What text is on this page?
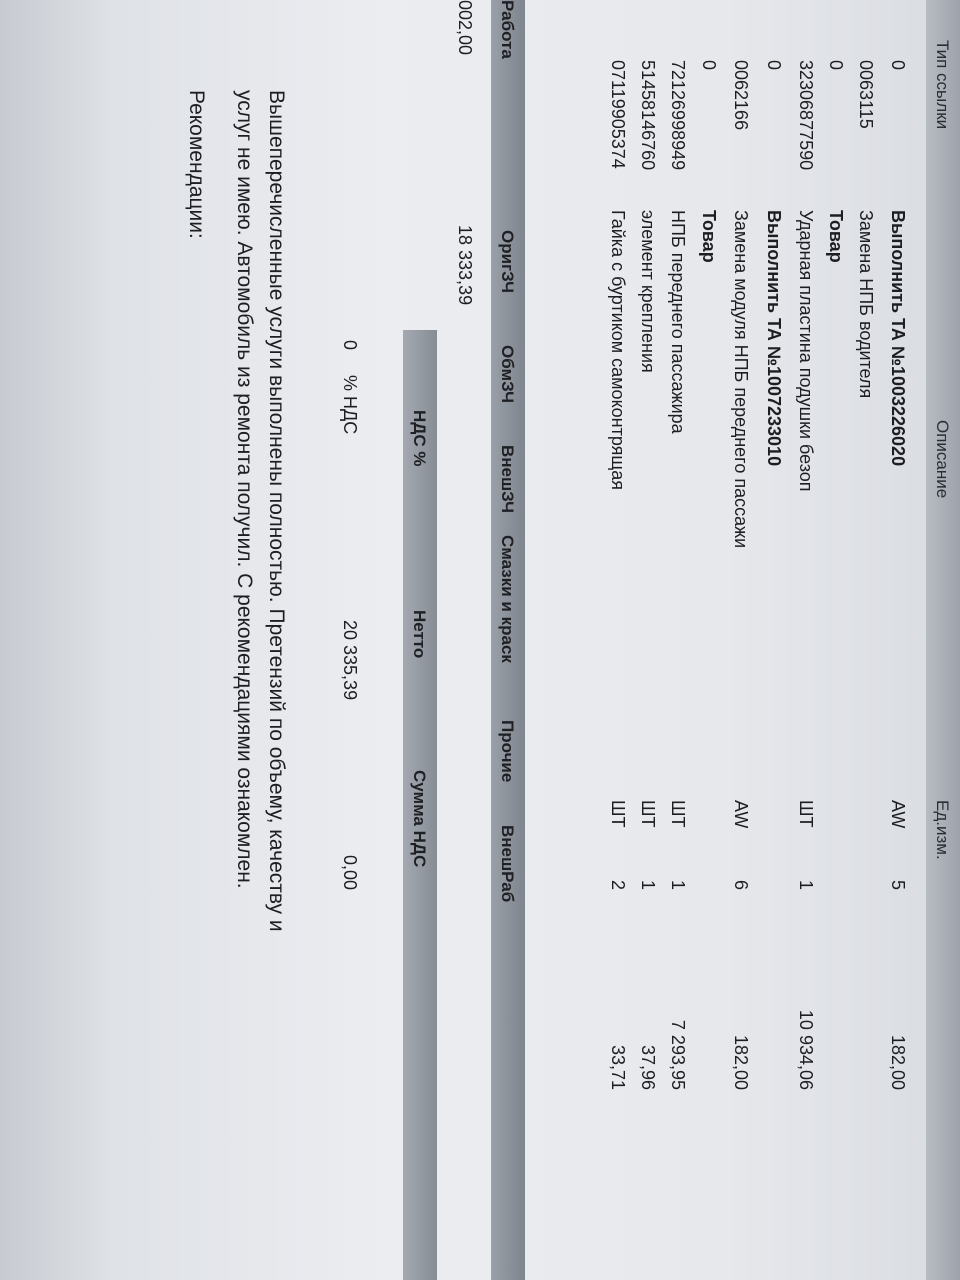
Тип ссылки
Описание
Ед.изм.
0
Выполнить ТА №1003226020
AW
5
182,00
0063115
Замена НПБ водителя
0
Товар
32306877590
Ударная пластина подушки безоп
ШТ
1
10 934,06
0
Выполнить ТА №1007233010
0062166
Замена модуля НПБ переднего пассажи
AW
6
182,00
0
Товар
72126998949
НПБ переднего пассажира
ШТ
1
7 293,95
51458146760
элемент крепления
ШТ
1
37,96
07119905374
Гайка с буртиком самоконтрящая
ШТ
2
33,71
Работа
ОригЗЧ
ОбмЗЧ
ВнешЗЧ
Смазки и краск
Прочие
ВнешРаб
002,00
18 333,39
НДС %
Нетто
Сумма НДС
0
% НДС
20 335,39
0,00
Вышеперечисленные услуги выполнены полностью. Претензий по объему, качеству и
услуг не имею. Автомобиль из ремонта получил. С рекомендациями ознакомлен.
Рекомендации:
